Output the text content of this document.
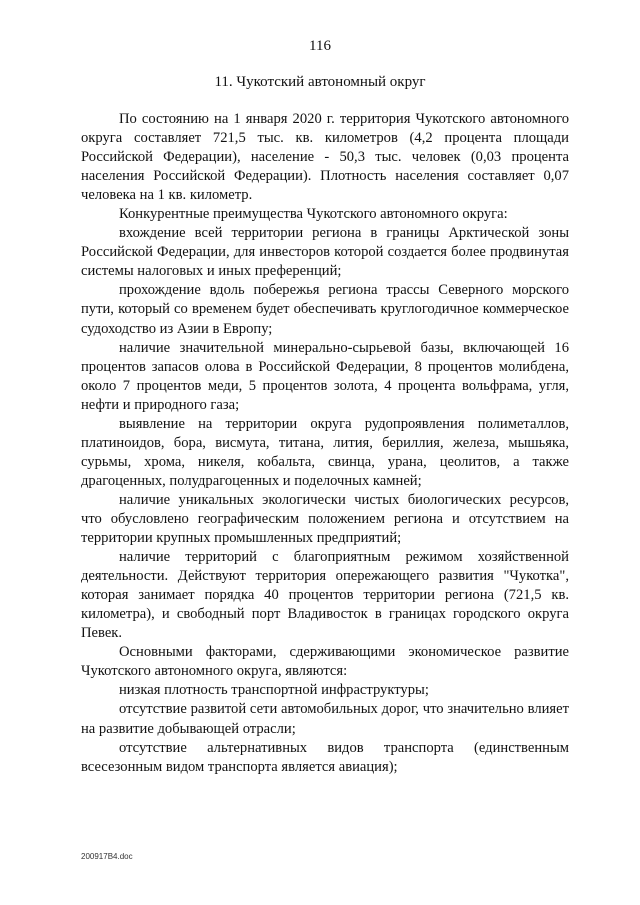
116
11. Чукотский автономный округ

По состоянию на 1 января 2020 г. территория Чукотского автономного округа составляет 721,5 тыс. кв. километров (4,2 процента площади Российской Федерации), население - 50,3 тыс. человек (0,03 процента населения Российской Федерации). Плотность населения составляет 0,07 человека на 1 кв. километр.

Конкурентные преимущества Чукотского автономного округа:

вхождение всей территории региона в границы Арктической зоны Российской Федерации, для инвесторов которой создается более продвинутая системы налоговых и иных преференций;

прохождение вдоль побережья региона трассы Северного морского пути, который со временем будет обеспечивать круглогодичное коммерческое судоходство из Азии в Европу;

наличие значительной минерально-сырьевой базы, включающей 16 процентов запасов олова в Российской Федерации, 8 процентов молибдена, около 7 процентов меди, 5 процентов золота, 4 процента вольфрама, угля, нефти и природного газа;

выявление на территории округа рудопроявления полиметаллов, платиноидов, бора, висмута, титана, лития, бериллия, железа, мышьяка, сурьмы, хрома, никеля, кобальта, свинца, урана, цеолитов, а также драгоценных, полудрагоценных и поделочных камней;

наличие уникальных экологически чистых биологических ресурсов, что обусловлено географическим положением региона и отсутствием на территории крупных промышленных предприятий;

наличие территорий с благоприятным режимом хозяйственной деятельности. Действуют территория опережающего развития "Чукотка", которая занимает порядка 40 процентов территории региона (721,5 кв. километра), и свободный порт Владивосток в границах городского округа Певек.

Основными факторами, сдерживающими экономическое развитие Чукотского автономного округа, являются:

низкая плотность транспортной инфраструктуры;

отсутствие развитой сети автомобильных дорог, что значительно влияет на развитие добывающей отрасли;

отсутствие альтернативных видов транспорта (единственным всесезонным видом транспорта является авиация);

200917В4.doc
